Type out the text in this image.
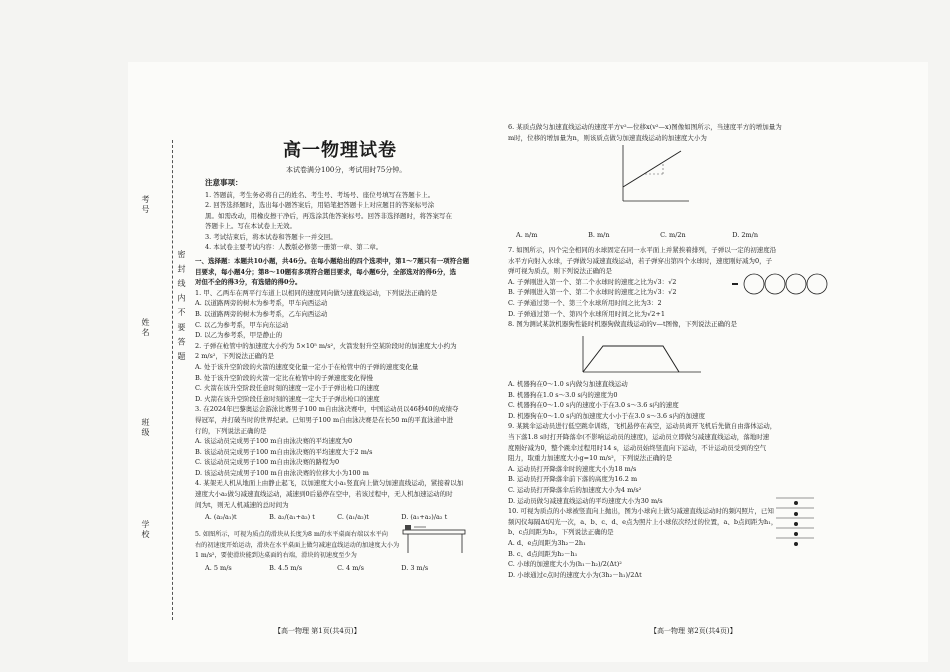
密 封 线 内 不 要 答 题
考号
姓名
班级
学校
高一物理试卷
本试卷满分100分，考试用时75分钟。
注意事项：

1. 答题前，考生务必将自己的姓名、考生号、考场号、座位号填写在答题卡上。

2. 回答选择题时，选出每小题答案后，用铅笔把答题卡上对应题目的答案标号涂

黑。如需改动，用橡皮擦干净后，再选涂其他答案标号。回答非选择题时，将答案写在

答题卡上。写在本试卷上无效。

3. 考试结束后，将本试卷和答题卡一并交回。

4. 本试卷主要考试内容：人教版必修第一册第一章、第二章。

一、选择题：本题共10小题，共46分。在每小题给出的四个选项中，第1～7题只有一项符合题

目要求，每小题4分；第8～10题有多项符合题目要求，每小题6分，全部选对的得6分，选

对但不全的得3分，有选错的得0分。

1. 甲、乙两车在两平行车道上以相同的速度同向做匀速直线运动，下列说法正确的是

A. 以道路两旁的树木为参考系，甲车向西运动

B. 以道路两旁的树木为参考系，乙车向西运动

C. 以乙为参考系，甲车向东运动

D. 以乙为参考系，甲是静止的

2. 子弹在枪管中的加速度大小约为 5×10⁵ m/s²，火箭发射升空某阶段时的加速度大小约为

2 m/s²，下列说法正确的是

A. 处于该升空阶段的火箭的速度变化量一定小于在枪管中的子弹的速度变化量

B. 处于该升空阶段的火箭一定比在枪管中的子弹速度变化得慢

C. 火箭在该升空阶段任意时刻的速度一定小于子弹出枪口的速度

D. 火箭在该升空阶段任意时刻的速度一定大于子弹出枪口的速度

3. 在2024年巴黎奥运会游泳比赛男子100 m自由泳决赛中，中国运动员以46秒40的成绩夺

得冠军，并打破当时的世界纪录。已知男子100 m自由泳决赛是在长50 m的平直泳道中进

行的，下列说法正确的是

A. 该运动员完成男子100 m自由泳决赛的平均速度为0

B. 该运动员完成男子100 m自由泳决赛的平均速度大于2 m/s

C. 该运动员完成男子100 m自由泳决赛的路程为0

D. 该运动员完成男子100 m自由泳决赛的位移大小为100 m

4. 某架无人机从地面上由静止起飞，以加速度大小a₁竖直向上做匀加速直线运动，紧接着以加

速度大小a₂做匀减速直线运动，减速到0后悬停在空中，若该过程中，无人机加速运动的时

间为t，则无人机减速的总时间为

A. (a₂/a₁)t	B. a₂/(a₁+a₂) t	C. (a₁/a₂)t	D. (a₁+a₂)/a₂ t

5. 如图所示，可视为质点的滑块从长度为8 m的水平桌面右端以水平向

右的初速度开始运动，滑块在水平桌面上做匀减速直线运动的加速度大小为

1 m/s²，要使滑块能到达桌面的右端，滑块的初速度至少为

A. 5 m/s	B. 4.5 m/s	C. 4 m/s	D. 3 m/s

6. 某质点做匀加速直线运动的速度平方v²—位移x(v²—x)图像如图所示，当速度平方的增加量为

m时，位移的增加量为n，则该质点做匀加速直线运动的加速度大小为

A. n/m	B. m/n	C. m/2n	D. 2m/n

7. 如图所示，四个完全相同的水球固定在同一水平面上并紧挨着排列，子弹以一定的初速度沿

水平方向射入水球，子弹做匀减速直线运动，若子弹穿出第四个水球时，速度刚好减为0，子

弹可视为质点，则下列说法正确的是

A. 子弹刚进入第一个、第二个水球时的速度之比为√3：√2

B. 子弹刚进入第一个、第二个水球时的速度之比为√3：√2

C. 子弹通过第一个、第三个水球所用时间之比为3：2

D. 子弹通过第一个、第四个水球所用时间之比为√2+1

8. 图为测试某款机器狗性能时机器狗做直线运动的v—t图像，下列说法正确的是

A. 机器狗在0～1.0 s内做匀加速直线运动

B. 机器狗在1.0 s～3.0 s内的速度为0

C. 机器狗在0～1.0 s内的速度小于在3.0 s～3.6 s内的速度

D. 机器狗在0～1.0 s内的加速度大小小于在3.0 s～3.6 s内的加速度

9. 某跳伞运动员进行低空跳伞训练，飞机悬停在高空，运动员离开飞机后先做自由落体运动，

当下落1.8 s时打开降落伞(不影响运动员的速度)，运动员立即做匀减速直线运动，落地时速

度刚好减为0，整个跳伞过程用时14 s，运动员始终竖直向下运动，不计运动员受到的空气

阻力，取重力加速度大小g=10 m/s²，下列说法正确的是

A. 运动员打开降落伞时的速度大小为18 m/s

B. 运动员打开降落伞前下落的高度为16.2 m

C. 运动员打开降落伞后的加速度大小为4 m/s²

D. 运动员做匀减速直线运动的平均速度大小为30 m/s

10. 可视为质点的小球被竖直向上抛出，图为小球向上做匀减速直线运动时的频闪照片，已知

频闪仪每隔Δt闪光一次，a、b、c、d、e点为照片上小球依次经过的位置，a、b点间距为h₁，

b、c点间距为h₂，下列说法正确的是

A. d、e点间距为3h₂－2h₁

B. c、d点间距为h₂－h₁

C. 小球的加速度大小为(h₁－h₂)/2(Δt)²

D. 小球通过c点时的速度大小为(3h₂－h₁)/2Δt

【高一物理 第1页(共4页)】	【高一物理 第2页(共4页)】
